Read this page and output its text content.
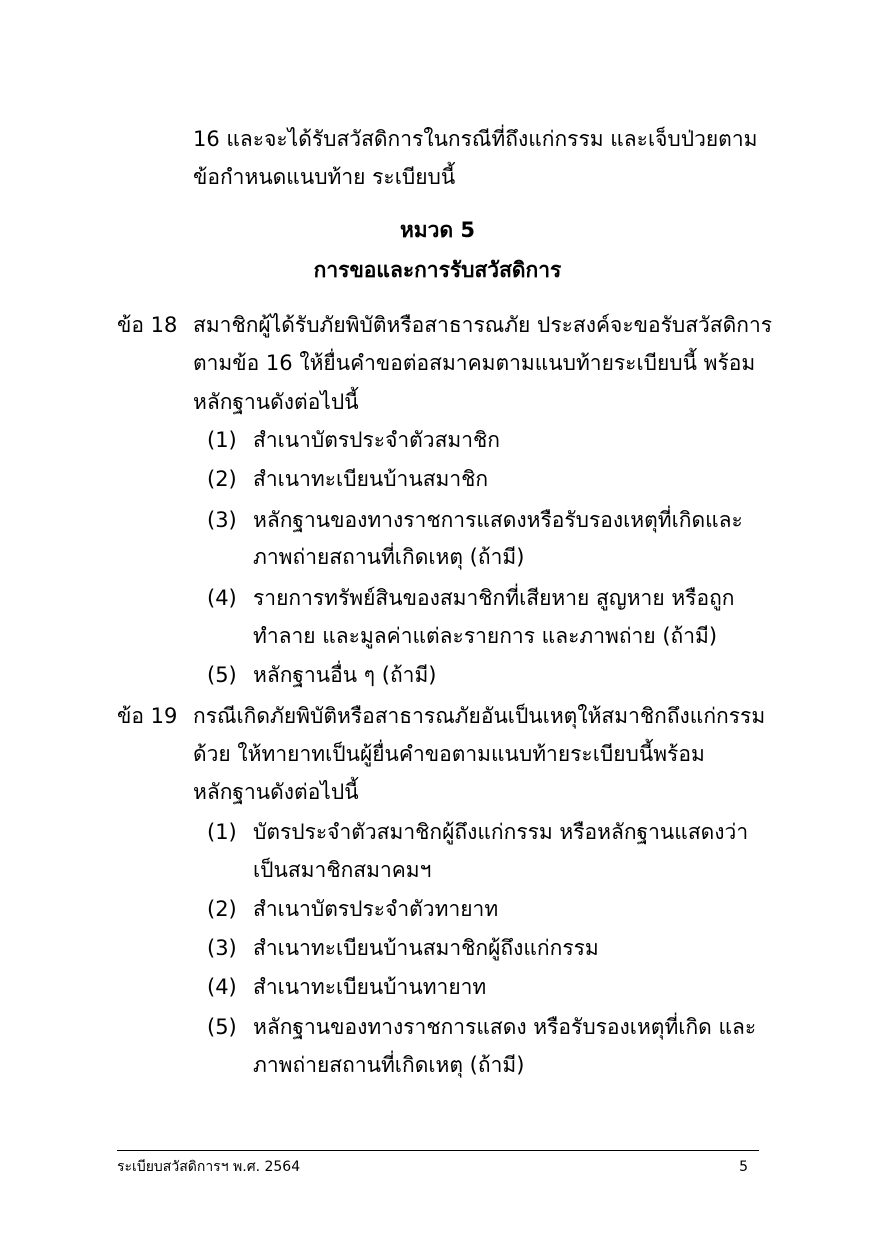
16 และจะได้รับสวัสดิการในกรณีที่ถึงแก่กรรม และเจ็บป่วยตาม
ข้อกำหนดแนบท้าย ระเบียบนี้
หมวด 5
การขอและการรับสวัสดิการ
ข้อ 18 สมาชิกผู้ได้รับภัยพิบัติหรือสาธารณภัย ประสงค์จะขอรับสวัสดิการ
ตามข้อ 16 ให้ยื่นคำขอต่อสมาคมตามแนบท้ายระเบียบนี้ พร้อม
หลักฐานดังต่อไปนี้
(1) สำเนาบัตรประจำตัวสมาชิก
(2) สำเนาทะเบียนบ้านสมาชิก
(3) หลักฐานของทางราชการแสดงหรือรับรองเหตุที่เกิดและ
ภาพถ่ายสถานที่เกิดเหตุ (ถ้ามี)
(4) รายการทรัพย์สินของสมาชิกที่เสียหาย สูญหาย หรือถูก
ทำลาย และมูลค่าแต่ละรายการ และภาพถ่าย (ถ้ามี)
(5) หลักฐานอื่น ๆ (ถ้ามี)
ข้อ 19 กรณีเกิดภัยพิบัติหรือสาธารณภัยอันเป็นเหตุให้สมาชิกถึงแก่กรรม
ด้วย ให้ทายาทเป็นผู้ยื่นคำขอตามแนบท้ายระเบียบนี้พร้อม
หลักฐานดังต่อไปนี้
(1) บัตรประจำตัวสมาชิกผู้ถึงแก่กรรม หรือหลักฐานแสดงว่า
เป็นสมาชิกสมาคมฯ
(2) สำเนาบัตรประจำตัวทายาท
(3) สำเนาทะเบียนบ้านสมาชิกผู้ถึงแก่กรรม
(4) สำเนาทะเบียนบ้านทายาท
(5) หลักฐานของทางราชการแสดง หรือรับรองเหตุที่เกิด และ
ภาพถ่ายสถานที่เกิดเหตุ (ถ้ามี)
ระเบียบสวัสดิการฯ พ.ศ. 2564	5
